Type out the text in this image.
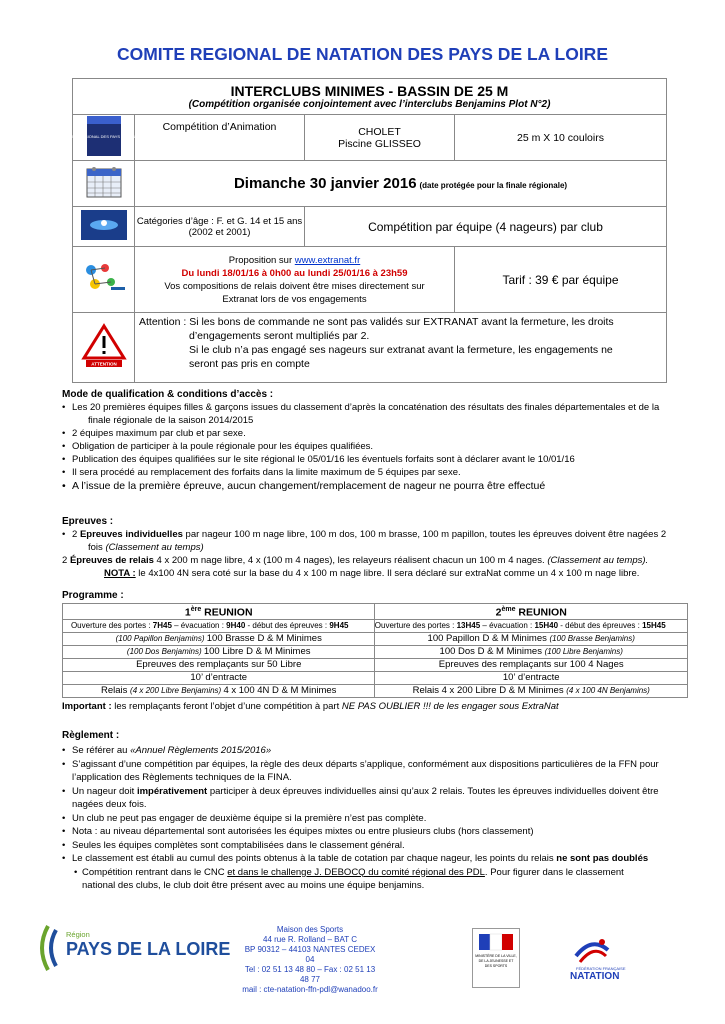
COMITE REGIONAL DE NATATION DES PAYS DE LA LOIRE
INTERCLUBS MINIMES - BASSIN DE 25 M
(Compétition organisée conjointement avec l’interclubs Benjamins Plot N°2)			

COMITE REGIONAL DES PAYS DE LA LOIRE	Compétition d’Animation	CHOLET
Piscine GLISSEO	25 m X 10 couloirs
	Dimanche 30 janvier 2016 (date protégée pour la finale régionale)		

Catégories d’âge : F. et G. 14 et 15 ans
(2002 et 2001)	Compétition par équipe (4 nageurs) par club	

Proposition sur www.extranat.fr
Du lundi 18/01/16 à 0h00 au lundi 25/01/16 à 23h59
Vos compositions de relais doivent être mises directement sur
Extranat lors de vos engagements		Tarif : 39 € par équipe

ATTENTION	Attention : Si les bons de commande ne sont pas validés sur EXTRANAT avant la fermeture, les droits
d’engagements seront multipliés par 2.
Si le club n’a pas engagé ses nageurs sur extranat avant la fermeture, les engagements ne
seront pas pris en compte		
Mode de qualification & conditions d’accès :
• Les 20 premières équipes filles & garçons issues du classement d’après la concaténation des résultats des finales départementales et de la
finale régionale de la saison 2014/2015
• 2 équipes maximum par club et par sexe.
• Obligation de participer à la poule régionale pour les équipes qualifiées.
• Publication des équipes qualifiées sur le site régional le 05/01/16 les éventuels forfaits sont à déclarer avant le 10/01/16
• Il sera procédé au remplacement des forfaits dans la limite maximum de 5 équipes par sexe.
• A l’issue de la première épreuve, aucun changement/remplacement de nageur ne pourra être effectué
Epreuves :
• 2 Epreuves individuelles par nageur 100 m nage libre, 100 m dos, 100 m brasse, 100 m papillon, toutes les épreuves doivent être nagées 2
fois (Classement au temps)
2 Épreuves de relais 4 x 200 m nage libre, 4 x (100 m 4 nages), les relayeurs réalisent chacun un 100 m 4 nages. (Classement au temps).
NOTA : le 4x100 4N sera coté sur la base du 4 x 100 m nage libre. Il sera déclaré sur extraNat comme un 4 x 100 m nage libre.
Programme :
1ère REUNION	2ème REUNION

Ouverture des portes : 7H45 – évacuation : 9H40 - début des épreuves : 9H45	Ouverture des portes : 13H45 – évacuation : 15H40 - début des épreuves : 15H45

(100 Papillon Benjamins) 100 Brasse D & M Minimes	100 Papillon D & M Minimes (100 Brasse Benjamins)
(100 Dos Benjamins) 100 Libre D & M Minimes	100 Dos D & M Minimes (100 Libre Benjamins)
Epreuves des remplaçants sur 50 Libre	Epreuves des remplaçants sur 100 4 Nages
10’ d’entracte	10’ d’entracte
Relais (4 x 200 Libre Benjamins) 4 x 100 4N D & M Minimes	Relais 4 x 200 Libre D & M Minimes (4 x 100 4N Benjamins)
Important : les remplaçants feront l’objet d’une compétition à part NE PAS OUBLIER !!! de les engager sous ExtraNat
Règlement :
• Se référer au «Annuel Règlements 2015/2016»
• S’agissant d’une compétition par équipes, la règle des deux départs s’applique, conformément aux dispositions particulières de la FFN pour
l’application des Règlements techniques de la FINA.
• Un nageur doit impérativement participer à deux épreuves individuelles ainsi qu’aux 2 relais. Toutes les épreuves individuelles doivent être
nagées deux fois.
• Un club ne peut pas engager de deuxième équipe si la première n’est pas complète.
• Nota : au niveau départemental sont autorisées les équipes mixtes ou entre plusieurs clubs (hors classement)
• Seules les équipes complètes sont comptabilisées dans le classement général.
• Le classement est établi au cumul des points obtenus à la table de cotation par chaque nageur, les points du relais ne sont pas doublés
• Compétition rentrant dans le CNC et dans le challenge J. DEBOCQ du comité régional des PDL. Pour figurer dans le classement
national des clubs, le club doit être présent avec au moins une équipe benjamins.
Région
PAYS DE LA LOIRE
Maison des Sports
44 rue R. Rolland – BAT C
BP 90312 – 44103 NANTES CEDEX 04
Tel : 02 51 13 48 80 – Fax : 02 51 13 48 77
mail : cte-natation-ffn-pdl@wanadoo.fr
MINISTÈRE DE LA VILLE, DE LA JEUNESSE ET DES SPORTS	FÉDÉRATION FRANÇAISE
NATATION
